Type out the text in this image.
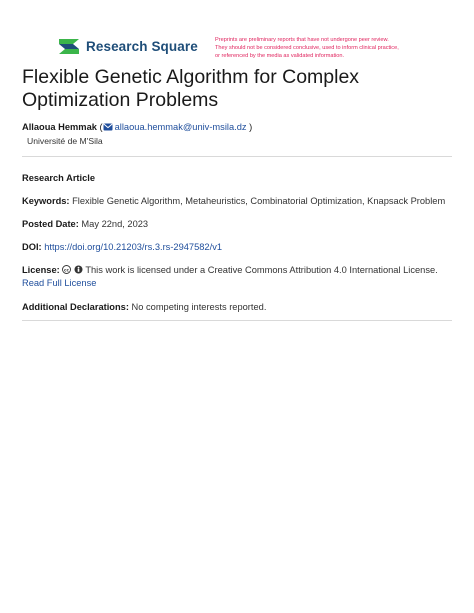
Research Square	Preprints are preliminary reports that have not undergone peer review.
They should not be considered conclusive, used to inform clinical practice,
or referenced by the media as validated information.
Flexible Genetic Algorithm for Complex
Optimization Problems
Allaoua Hemmak ( allaoua.hemmak@univ-msila.dz )
Université de M'Sila
Research Article
Keywords: Flexible Genetic Algorithm, Metaheuristics, Combinatorial Optimization, Knapsack Problem
Posted Date: May 22nd, 2023
DOI: https://doi.org/10.21203/rs.3.rs-2947582/v1
License: cc This work is licensed under a Creative Commons Attribution 4.0 International License.
Read Full License
Additional Declarations: No competing interests reported.
